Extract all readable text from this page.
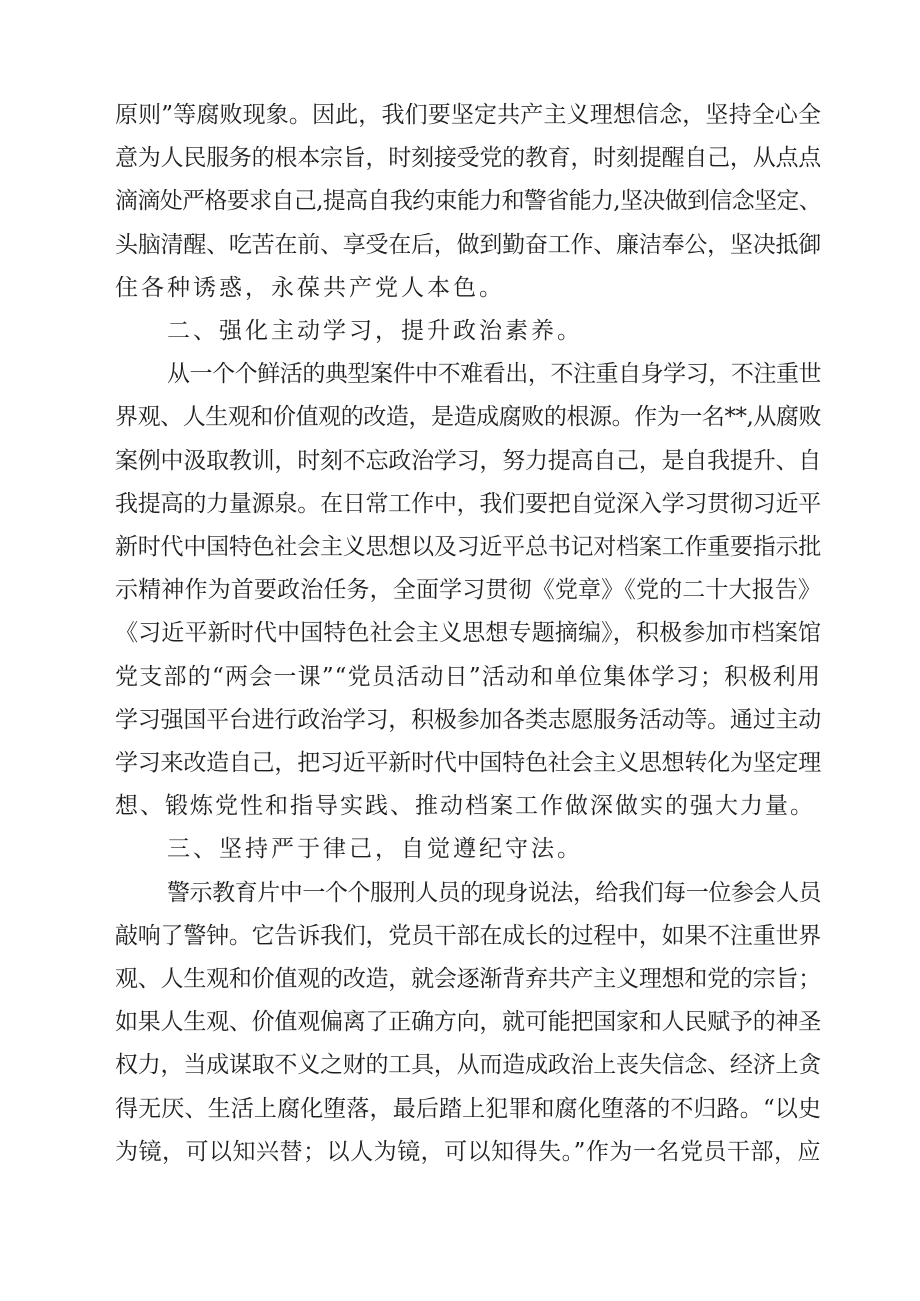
原则”等腐败现象。因此，我们要坚定共产主义理想信念，坚持全心全

意为人民服务的根本宗旨，时刻接受党的教育，时刻提醒自己，从点点

滴滴处严格要求自己,提高自我约束能力和警省能力,坚决做到信念坚定、

头脑清醒、吃苦在前、享受在后，做到勤奋工作、廉洁奉公，坚决抵御

住各种诱惑，永葆共产党人本色。

二、强化主动学习，提升政治素养。

从一个个鲜活的典型案件中不难看出，不注重自身学习，不注重世

界观、人生观和价值观的改造，是造成腐败的根源。作为一名**,从腐败

案例中汲取教训，时刻不忘政治学习，努力提高自己，是自我提升、自

我提高的力量源泉。在日常工作中，我们要把自觉深入学习贯彻习近平

新时代中国特色社会主义思想以及习近平总书记对档案工作重要指示批

示精神作为首要政治任务，全面学习贯彻《党章》《党的二十大报告》

《习近平新时代中国特色社会主义思想专题摘编》，积极参加市档案馆

党支部的“两会一课”“党员活动日”活动和单位集体学习；积极利用

学习强国平台进行政治学习，积极参加各类志愿服务活动等。通过主动

学习来改造自己，把习近平新时代中国特色社会主义思想转化为坚定理

想、锻炼党性和指导实践、推动档案工作做深做实的强大力量。

三、坚持严于律己，自觉遵纪守法。

警示教育片中一个个服刑人员的现身说法，给我们每一位参会人员

敲响了警钟。它告诉我们，党员干部在成长的过程中，如果不注重世界

观、人生观和价值观的改造，就会逐渐背弃共产主义理想和党的宗旨；

如果人生观、价值观偏离了正确方向，就可能把国家和人民赋予的神圣

权力，当成谋取不义之财的工具，从而造成政治上丧失信念、经济上贪

得无厌、生活上腐化堕落，最后踏上犯罪和腐化堕落的不归路。“以史

为镜，可以知兴替；以人为镜，可以知得失。”作为一名党员干部，应
